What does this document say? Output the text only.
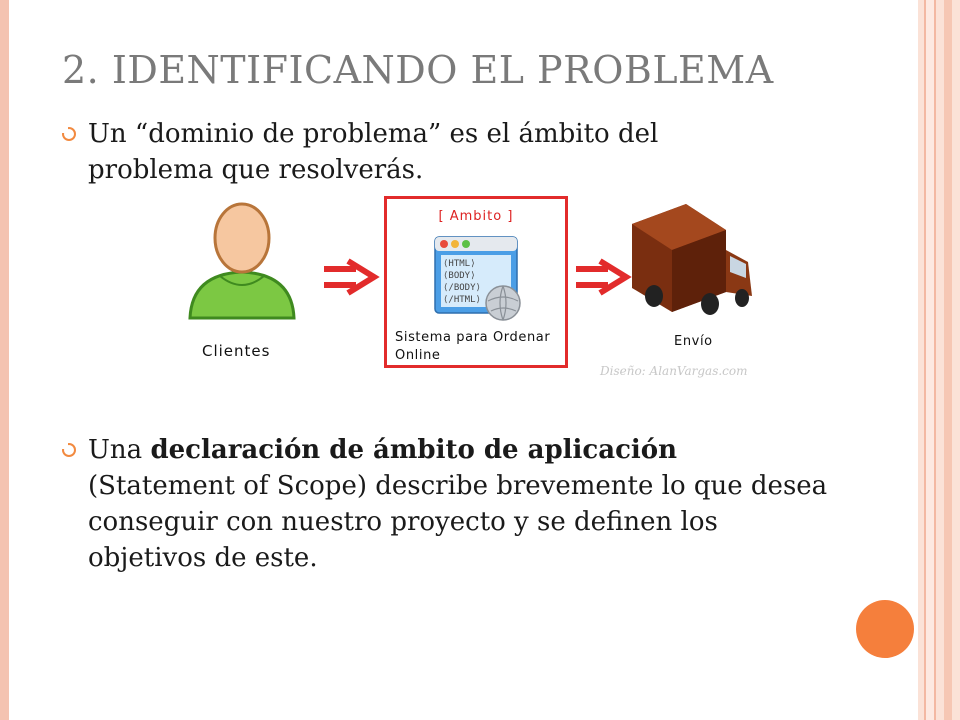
2. IDENTIFICANDO EL PROBLEMA
Un “dominio de problema” es el ámbito del problema que resolverás.
Clientes
[ Ambito ]
⟨HTML⟩
⟨BODY⟩
⟨/BODY⟩
⟨/HTML⟩
Sistema para Ordenar
Online
Envío
Diseño: AlanVargas.com
Una declaración de ámbito de aplicación (Statement of Scope) describe brevemente lo que desea conseguir con nuestro proyecto y se definen los objetivos de este.
